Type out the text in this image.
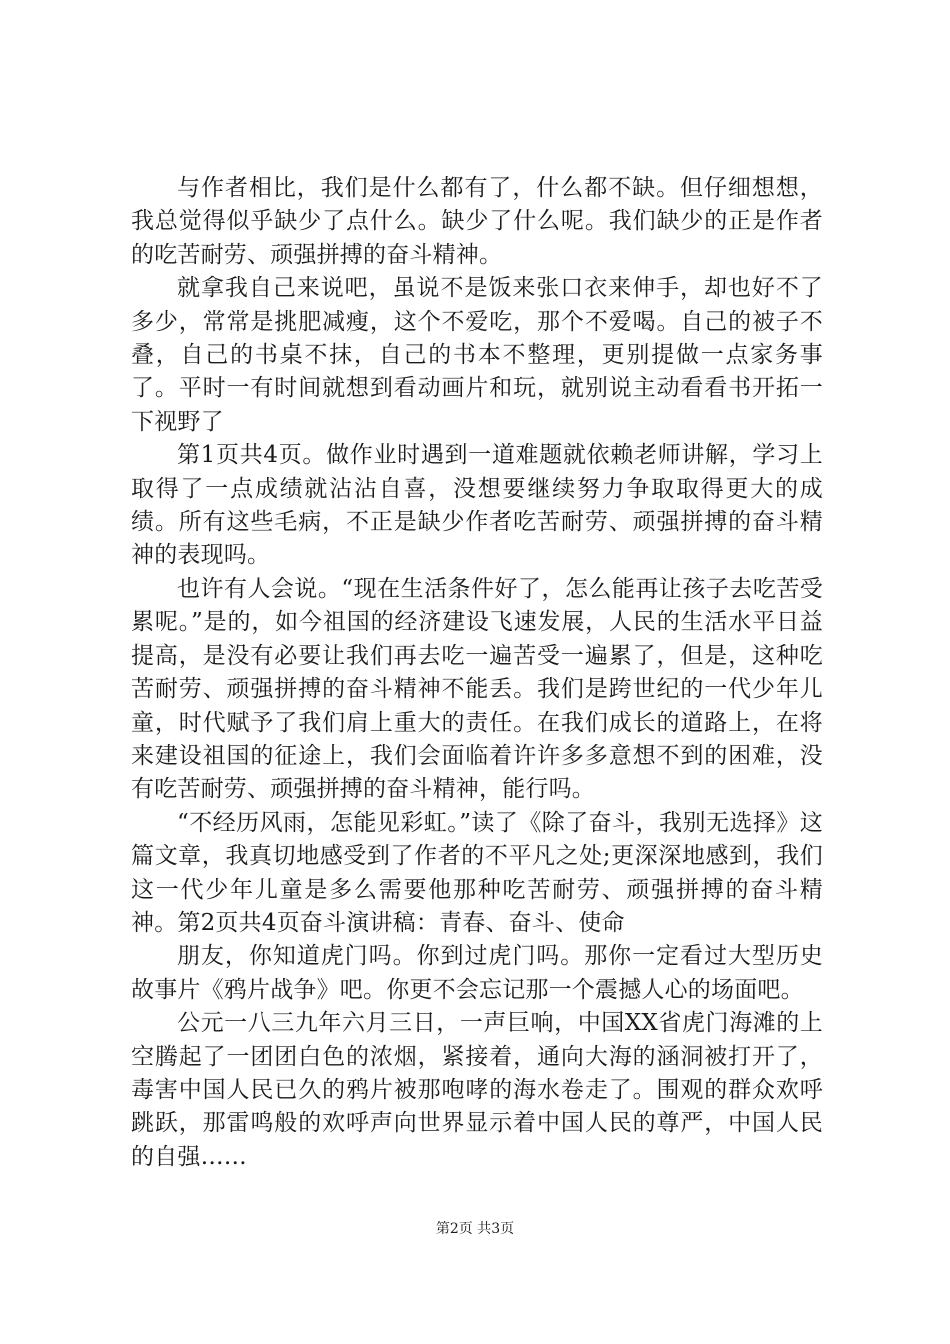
与作者相比，我们是什么都有了，什么都不缺。但仔细想想，我总觉得似乎缺少了点什么。缺少了什么呢。我们缺少的正是作者的吃苦耐劳、顽强拼搏的奋斗精神。

就拿我自己来说吧，虽说不是饭来张口衣来伸手，却也好不了多少，常常是挑肥减瘦，这个不爱吃，那个不爱喝。自己的被子不叠，自己的书桌不抹，自己的书本不整理，更别提做一点家务事了。平时一有时间就想到看动画片和玩，就别说主动看看书开拓一下视野了

第1页共4页。做作业时遇到一道难题就依赖老师讲解，学习上取得了一点成绩就沾沾自喜，没想要继续努力争取取得更大的成绩。所有这些毛病，不正是缺少作者吃苦耐劳、顽强拼搏的奋斗精神的表现吗。

也许有人会说。“现在生活条件好了，怎么能再让孩子去吃苦受累呢。”是的，如今祖国的经济建设飞速发展，人民的生活水平日益提高，是没有必要让我们再去吃一遍苦受一遍累了，但是，这种吃苦耐劳、顽强拼搏的奋斗精神不能丢。我们是跨世纪的一代少年儿童，时代赋予了我们肩上重大的责任。在我们成长的道路上，在将来建设祖国的征途上，我们会面临着许许多多意想不到的困难，没有吃苦耐劳、顽强拼搏的奋斗精神，能行吗。

“不经历风雨，怎能见彩虹。”读了《除了奋斗，我别无选择》这篇文章，我真切地感受到了作者的不平凡之处;更深深地感到，我们这一代少年儿童是多么需要他那种吃苦耐劳、顽强拼搏的奋斗精神。第2页共4页奋斗演讲稿：青春、奋斗、使命

朋友，你知道虎门吗。你到过虎门吗。那你一定看过大型历史故事片《鸦片战争》吧。你更不会忘记那一个震撼人心的场面吧。

公元一八三九年六月三日，一声巨响，中国XX省虎门海滩的上空腾起了一团团白色的浓烟，紧接着，通向大海的涵洞被打开了，毒害中国人民已久的鸦片被那咆哮的海水卷走了。围观的群众欢呼跳跃，那雷鸣般的欢呼声向世界显示着中国人民的尊严，中国人民的自强……

第2页 共3页
